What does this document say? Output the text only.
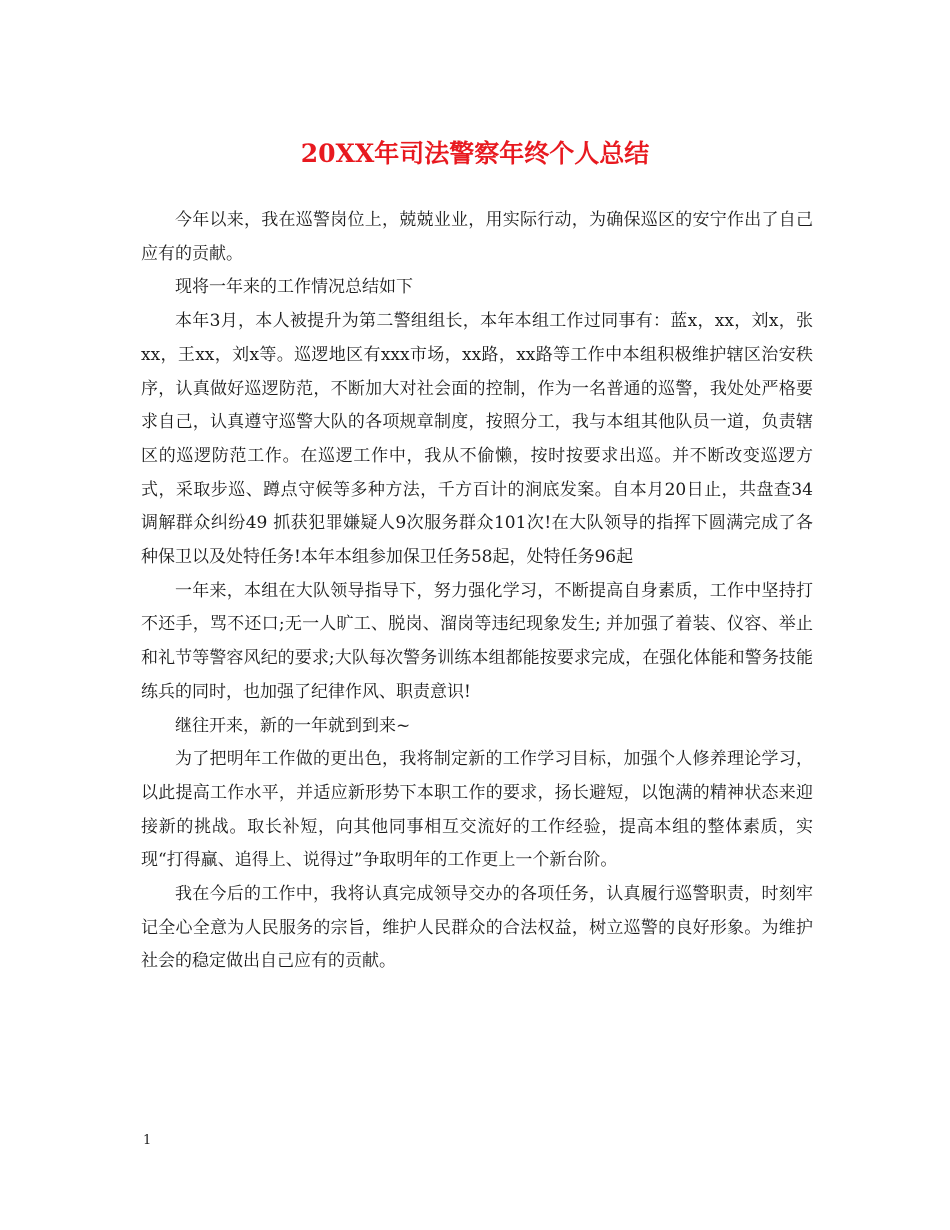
20XX年司法警察年终个人总结

今年以来，我在巡警岗位上，兢兢业业，用实际行动，为确保巡区的安宁作出了自己应有的贡献。

现将一年来的工作情况总结如下

本年3月，本人被提升为第二警组组长，本年本组工作过同事有：蓝x，xx，刘x，张xx，王xx，刘x等。巡逻地区有xxx市场，xx路，xx路等工作中本组积极维护辖区治安秩序，认真做好巡逻防范，不断加大对社会面的控制，作为一名普通的巡警，我处处严格要求自己，认真遵守巡警大队的各项规章制度，按照分工，我与本组其他队员一道，负责辖区的巡逻防范工作。在巡逻工作中，我从不偷懒，按时按要求出巡。并不断改变巡逻方式，采取步巡、蹲点守候等多种方法，千方百计的涧底发案。自本月20日止，共盘查34 调解群众纠纷49 抓获犯罪嫌疑人9次服务群众101次!在大队领导的指挥下圆满完成了各种保卫以及处特任务!本年本组参加保卫任务58起，处特任务96起

一年来，本组在大队领导指导下，努力强化学习，不断提高自身素质，工作中坚持打不还手，骂不还口;无一人旷工、脱岗、溜岗等违纪现象发生; 并加强了着装、仪容、举止和礼节等警容风纪的要求;大队每次警务训练本组都能按要求完成，在强化体能和警务技能练兵的同时，也加强了纪律作风、职责意识!

继往开来，新的一年就到到来~

为了把明年工作做的更出色，我将制定新的工作学习目标，加强个人修养理论学习，以此提高工作水平，并适应新形势下本职工作的要求，扬长避短，以饱满的精神状态来迎接新的挑战。取长补短，向其他同事相互交流好的工作经验，提高本组的整体素质，实现“打得赢、追得上、说得过”争取明年的工作更上一个新台阶。

我在今后的工作中，我将认真完成领导交办的各项任务，认真履行巡警职责，时刻牢记全心全意为人民服务的宗旨，维护人民群众的合法权益，树立巡警的良好形象。为维护社会的稳定做出自己应有的贡献。

1
